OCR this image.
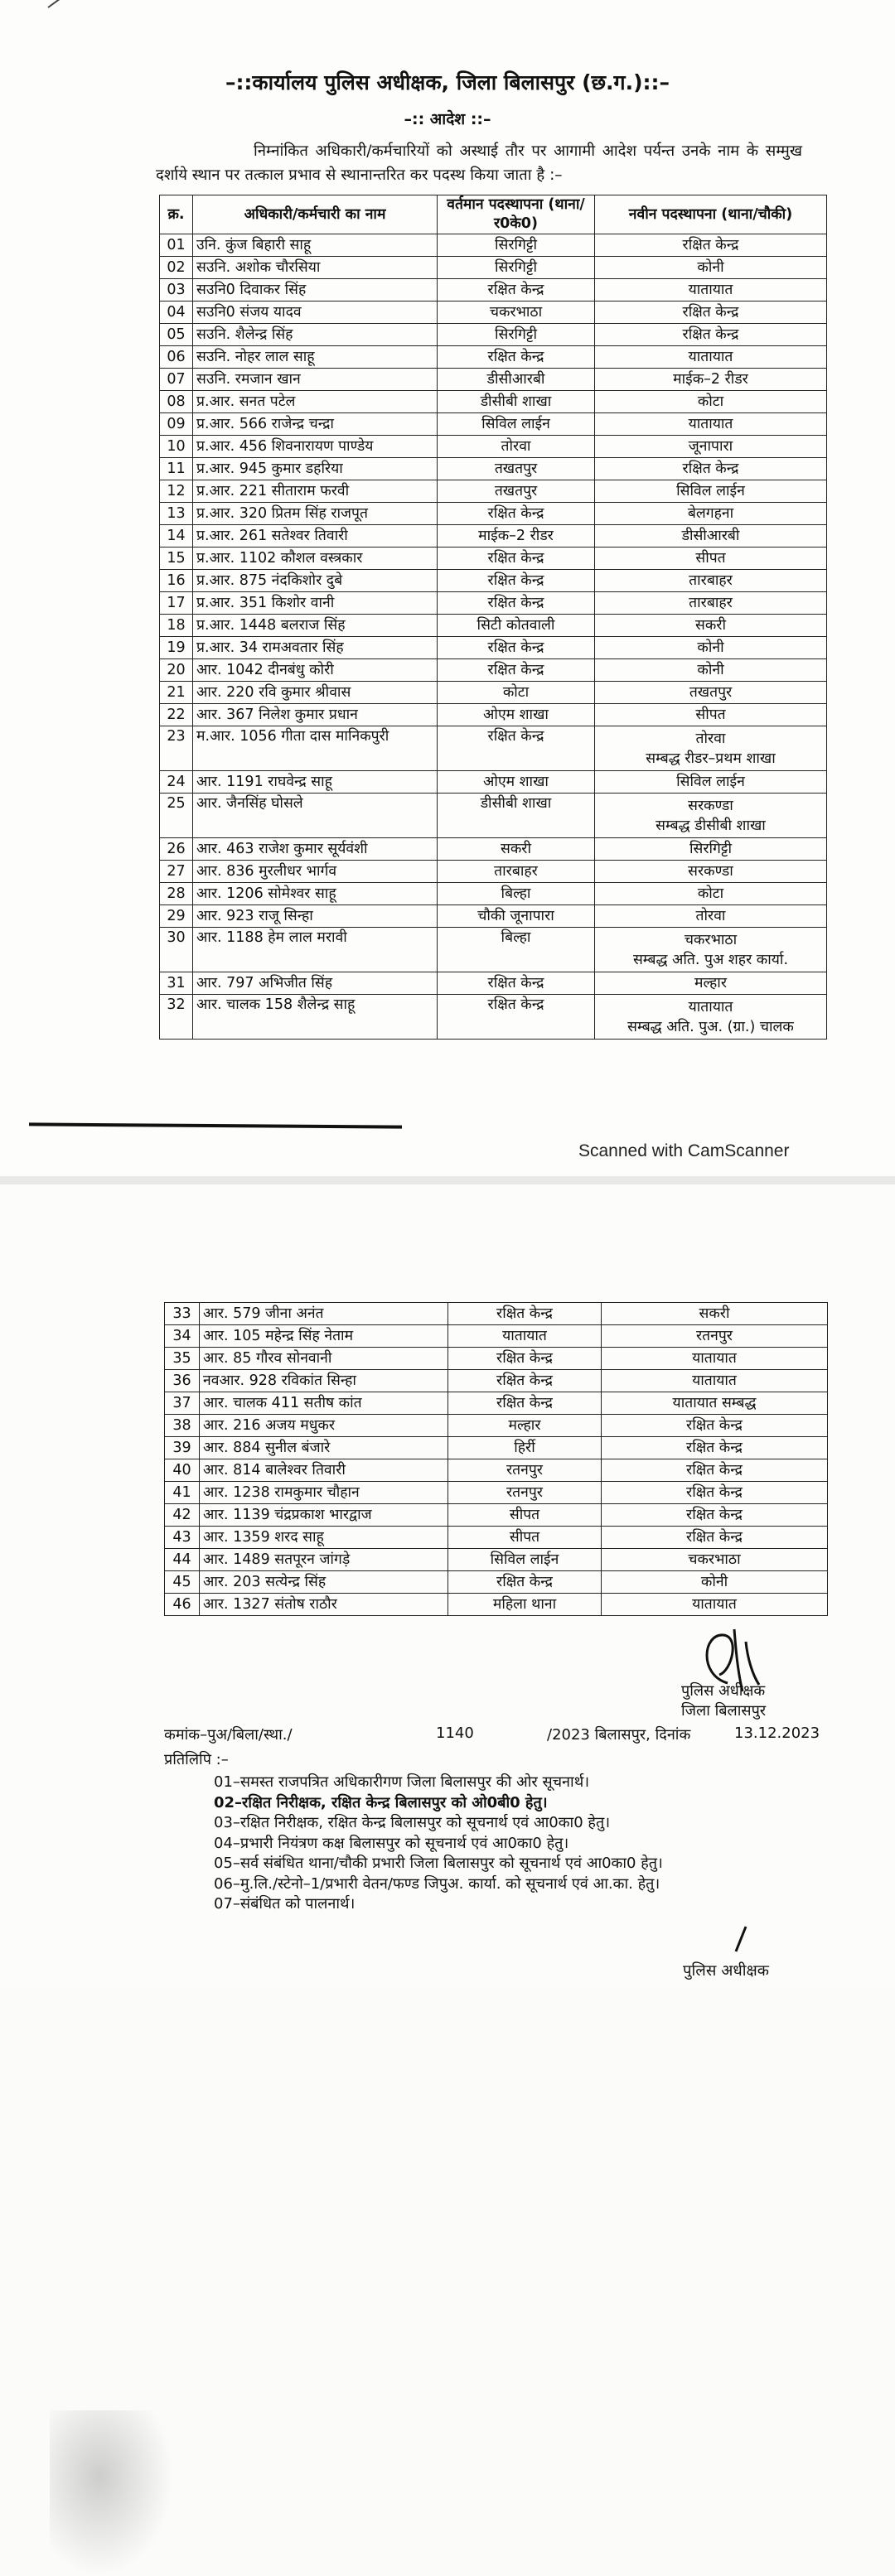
–::कार्यालय पुलिस अधीक्षक, जिला बिलासपुर (छ.ग.)::–
–:: आदेश ::–
निम्नांकित अधिकारी/कर्मचारियों को अस्थाई तौर पर आगामी आदेश पर्यन्त उनके नाम के सम्मुख दर्शाये स्थान पर तत्काल प्रभाव से स्थानान्तरित कर पदस्थ किया जाता है :–
क्र.	अधिकारी/कर्मचारी का नाम	वर्तमान पदस्थापना (थाना/र0के0)	नवीन पदस्थापना (थाना/चौकी)

01	उनि. कुंज बिहारी साहू	सिरगिट्टी	रक्षित केन्द्र

02	सउनि. अशोक चौरसिया	सिरगिट्टी	कोनी

03	सउनि0 दिवाकर सिंह	रक्षित केन्द्र	यातायात

04	सउनि0 संजय यादव	चकरभाठा	रक्षित केन्द्र

05	सउनि. शैलेन्द्र सिंह	सिरगिट्टी	रक्षित केन्द्र

06	सउनि. नोहर लाल साहू	रक्षित केन्द्र	यातायात

07	सउनि. रमजान खान	डीसीआरबी	माईक–2 रीडर

08	प्र.आर. सनत पटेल	डीसीबी शाखा	कोटा

09	प्र.आर. 566 राजेन्द्र चन्द्रा	सिविल लाईन	यातायात

10	प्र.आर. 456 शिवनारायण पाण्डेय	तोरवा	जूनापारा

11	प्र.आर. 945 कुमार डहरिया	तखतपुर	रक्षित केन्द्र

12	प्र.आर. 221 सीताराम फरवी	तखतपुर	सिविल लाईन

13	प्र.आर. 320 प्रितम सिंह राजपूत	रक्षित केन्द्र	बेलगहना

14	प्र.आर. 261 सतेश्वर तिवारी	माईक–2 रीडर	डीसीआरबी

15	प्र.आर. 1102 कौशल वस्त्रकार	रक्षित केन्द्र	सीपत

16	प्र.आर. 875 नंदकिशोर दुबे	रक्षित केन्द्र	तारबाहर

17	प्र.आर. 351 किशोर वानी	रक्षित केन्द्र	तारबाहर

18	प्र.आर. 1448 बलराज सिंह	सिटी कोतवाली	सकरी

19	प्र.आर. 34 रामअवतार सिंह	रक्षित केन्द्र	कोनी

20	आर. 1042 दीनबंधु कोरी	रक्षित केन्द्र	कोनी

21	आर. 220 रवि कुमार श्रीवास	कोटा	तखतपुर

22	आर. 367 निलेश कुमार प्रधान	ओएम शाखा	सीपत

23	म.आर. 1056 गीता दास मानिकपुरी	रक्षित केन्द्र	तोरवा
सम्बद्ध रीडर–प्रथम शाखा

24	आर. 1191 राघवेन्द्र साहू	ओएम शाखा	सिविल लाईन

25	आर. जैनसिंह घोसले	डीसीबी शाखा	सरकण्डा
सम्बद्ध डीसीबी शाखा

26	आर. 463 राजेश कुमार सूर्यवंशी	सकरी	सिरगिट्टी

27	आर. 836 मुरलीधर भार्गव	तारबाहर	सरकण्डा

28	आर. 1206 सोमेश्वर साहू	बिल्हा	कोटा

29	आर. 923 राजू सिन्हा	चौकी जूनापारा	तोरवा

30	आर. 1188 हेम लाल मरावी	बिल्हा	चकरभाठा
सम्बद्ध अति. पुअ शहर कार्या.

31	आर. 797 अभिजीत सिंह	रक्षित केन्द्र	मल्हार

32	आर. चालक 158 शैलेन्द्र साहू	रक्षित केन्द्र	यातायात
सम्बद्ध अति. पुअ. (ग्रा.) चालक
Scanned with CamScanner
33	आर. 579 जीना अनंत	रक्षित केन्द्र	सकरी

34	आर. 105 महेन्द्र सिंह नेताम	यातायात	रतनपुर

35	आर. 85 गौरव सोनवानी	रक्षित केन्द्र	यातायात

36	नवआर. 928 रविकांत सिन्हा	रक्षित केन्द्र	यातायात

37	आर. चालक 411 सतीष कांत	रक्षित केन्द्र	यातायात सम्बद्ध

38	आर. 216 अजय मधुकर	मल्हार	रक्षित केन्द्र

39	आर. 884 सुनील बंजारे	हिर्री	रक्षित केन्द्र

40	आर. 814 बालेश्वर तिवारी	रतनपुर	रक्षित केन्द्र

41	आर. 1238 रामकुमार चौहान	रतनपुर	रक्षित केन्द्र

42	आर. 1139 चंद्रप्रकाश भारद्वाज	सीपत	रक्षित केन्द्र

43	आर. 1359 शरद साहू	सीपत	रक्षित केन्द्र

44	आर. 1489 सतपूरन जांगड़े	सिविल लाईन	चकरभाठा

45	आर. 203 सत्येन्द्र सिंह	रक्षित केन्द्र	कोनी

46	आर. 1327 संतोष राठौर	महिला थाना	यातायात
पुलिस अधीक्षक
जिला बिलासपुर
कमांक–पुअ/बिला/स्था./	1140	/2023 बिलासपुर, दिनांक	13.12.2023
प्रतिलिपि :–
01–समस्त राजपत्रित अधिकारीगण जिला बिलासपुर की ओर सूचनार्थ।
02–रक्षित निरीक्षक, रक्षित केन्द्र बिलासपुर को ओ0बी0 हेतु।
03–रक्षित निरीक्षक, रक्षित केन्द्र बिलासपुर को सूचनार्थ एवं आ0का0 हेतु।
04–प्रभारी नियंत्रण कक्ष बिलासपुर को सूचनार्थ एवं आ0का0 हेतु।
05–सर्व संबंधित थाना/चौकी प्रभारी जिला बिलासपुर को सूचनार्थ एवं आ0का0 हेतु।
06–मु.लि./स्टेनो–1/प्रभारी वेतन/फण्ड जिपुअ. कार्या. को सूचनार्थ एवं आ.का. हेतु।
07–संबंधित को पालनार्थ।
पुलिस अधीक्षक
